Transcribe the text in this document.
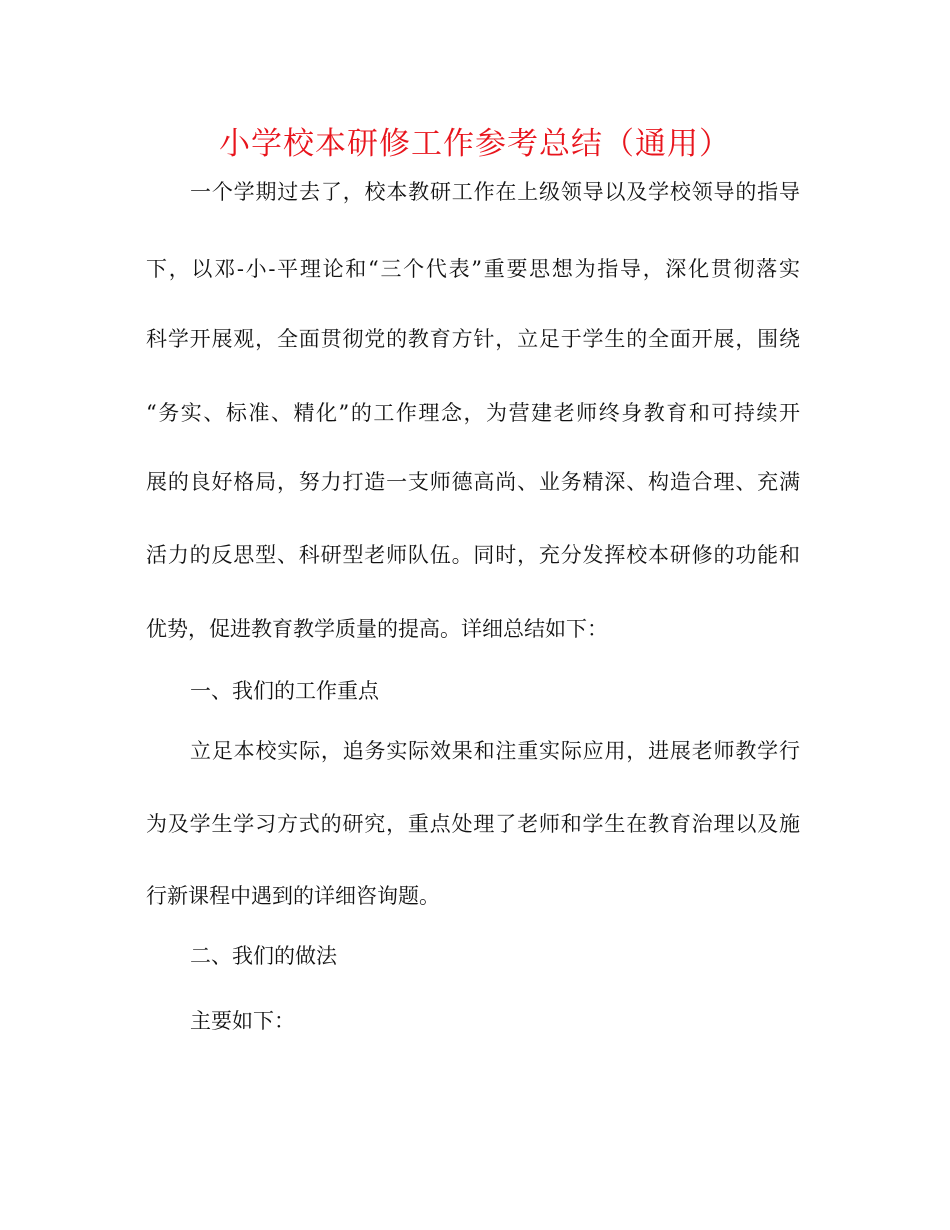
小学校本研修工作参考总结（通用）
一个学期过去了，校本教研工作在上级领导以及学校领导的指导
下，以邓-小-平理论和“三个代表”重要思想为指导，深化贯彻落实
科学开展观，全面贯彻党的教育方针，立足于学生的全面开展，围绕
“务实、标准、精化”的工作理念，为营建老师终身教育和可持续开
展的良好格局，努力打造一支师德高尚、业务精深、构造合理、充满
活力的反思型、科研型老师队伍。同时，充分发挥校本研修的功能和
优势，促进教育教学质量的提高。详细总结如下：
一、我们的工作重点
立足本校实际，追务实际效果和注重实际应用，进展老师教学行
为及学生学习方式的研究，重点处理了老师和学生在教育治理以及施
行新课程中遇到的详细咨询题。
二、我们的做法
主要如下：
